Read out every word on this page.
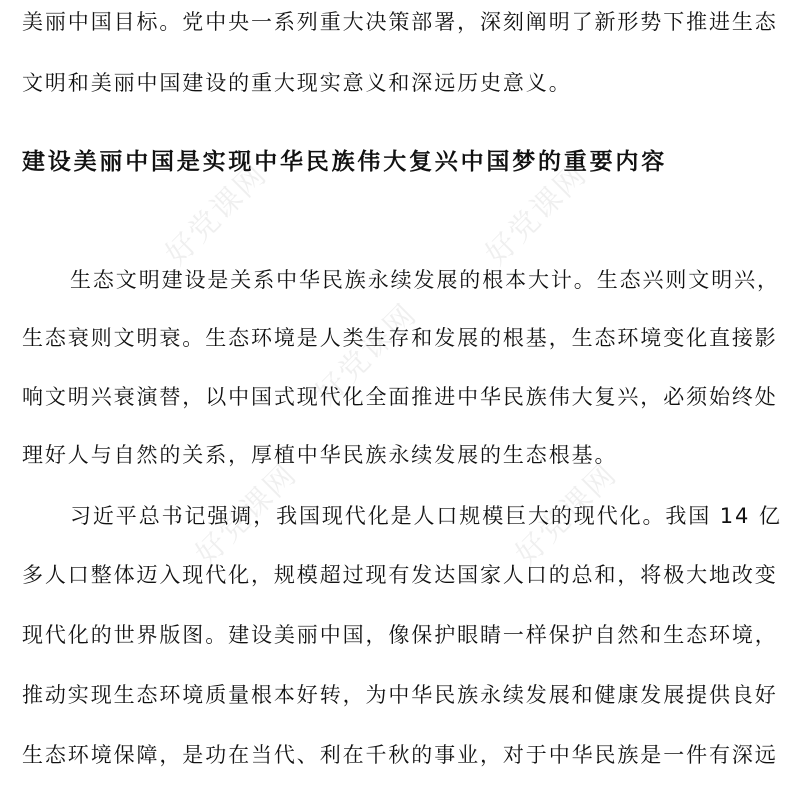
好党课网	好党课网
好党课网
好党课网	好党课网
美丽中国目标。党中央一系列重大决策部署，深刻阐明了新形势下推进生态
文明和美丽中国建设的重大现实意义和深远历史意义。
建设美丽中国是实现中华民族伟大复兴中国梦的重要内容
生态文明建设是关系中华民族永续发展的根本大计。生态兴则文明兴，
生态衰则文明衰。生态环境是人类生存和发展的根基，生态环境变化直接影
响文明兴衰演替，以中国式现代化全面推进中华民族伟大复兴，必须始终处
理好人与自然的关系，厚植中华民族永续发展的生态根基。
习近平总书记强调，我国现代化是人口规模巨大的现代化。我国 14 亿
多人口整体迈入现代化，规模超过现有发达国家人口的总和，将极大地改变
现代化的世界版图。建设美丽中国，像保护眼睛一样保护自然和生态环境，
推动实现生态环境质量根本好转，为中华民族永续发展和健康发展提供良好
生态环境保障，是功在当代、利在千秋的事业，对于中华民族是一件有深远
